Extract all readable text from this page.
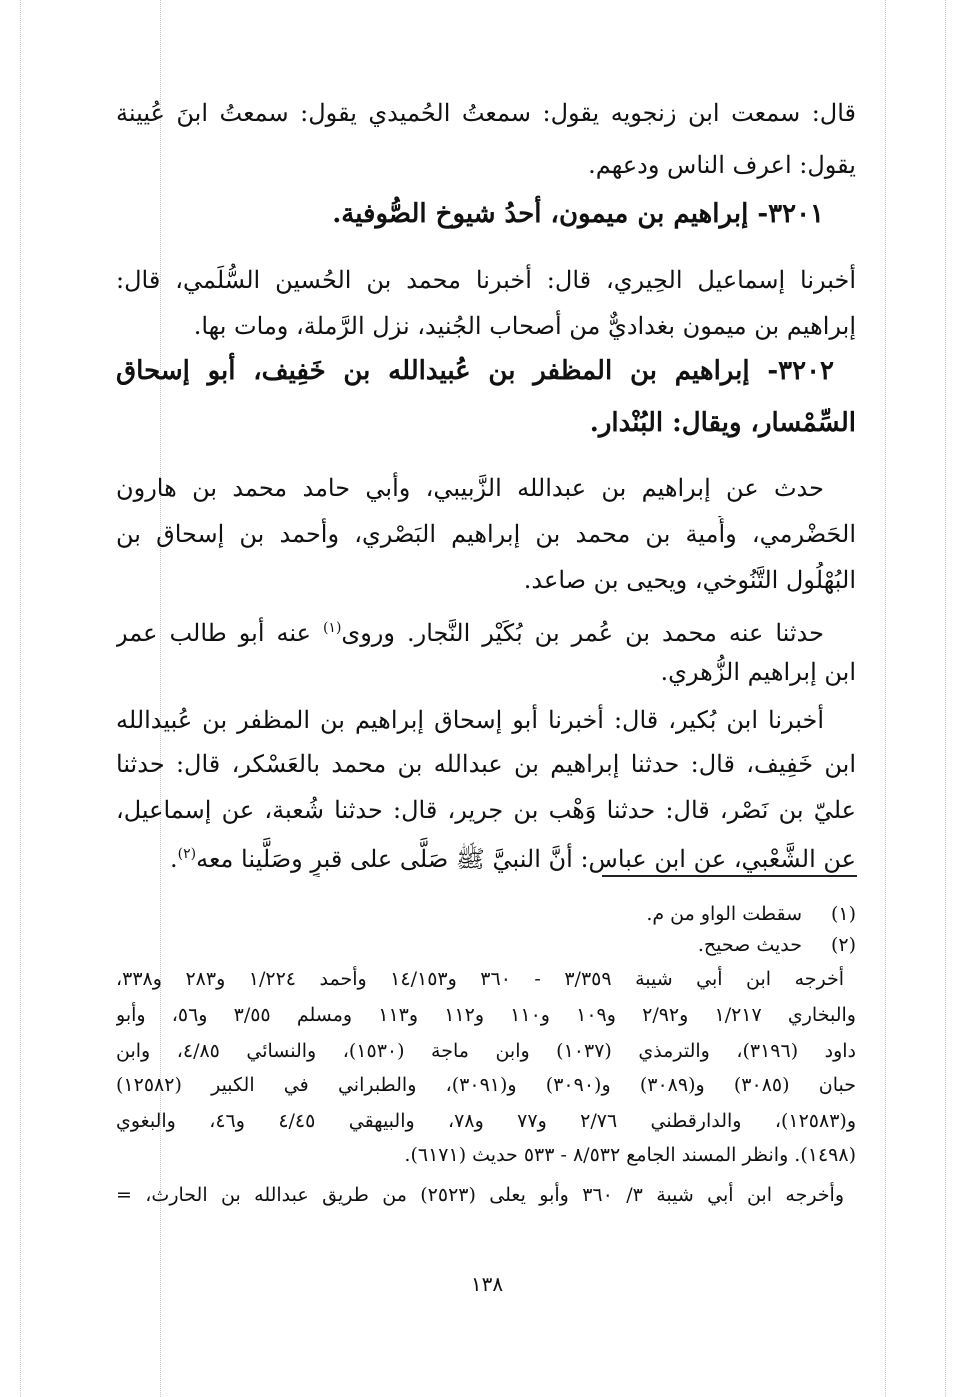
قال: سمعت ابن زنجويه يقول: سمعتُ الحُميدي يقول: سمعتُ ابنَ عُيينة
يقول: اعرف الناس ودعهم.
٣٢٠١- إبراهيم بن ميمون، أحدُ شيوخ الصُّوفية.
أخبرنا إسماعيل الحِيري، قال: أخبرنا محمد بن الحُسين السُّلَمي، قال:
إبراهيم بن ميمون بغداديٌّ من أصحاب الجُنيد، نزل الرَّملة، ومات بها.
٣٢٠٢- إبراهيم بن المظفر بن عُبيدالله بن خَفِيف، أبو إسحاق
السِّمْسار، ويقال: البُنْدار.
حدث عن إبراهيم بن عبدالله الزَّبيبي، وأبي حامد محمد بن هارون
الحَضْرمي، وأُمية بن محمد بن إبراهيم البَصْري، وأحمد بن إسحاق بن
البُهْلُول التَّنُوخي، ويحيى بن صاعد.
حدثنا عنه محمد بن عُمر بن بُكَيْر النَّجار. وروى$^{(١)}$ عنه أبو طالب عمر
ابن إبراهيم الزُّهري.
أخبرنا ابن بُكير، قال: أخبرنا أبو إسحاق إبراهيم بن المظفر بن عُبيدالله
ابن خَفِيف، قال: حدثنا إبراهيم بن عبدالله بن محمد بالعَسْكر، قال: حدثنا
عليّ بن نَصْر، قال: حدثنا وَهْب بن جرير، قال: حدثنا شُعبة، عن إسماعيل،
عن الشَّعْبي، عن ابن عباس: أنَّ النبيَّ ﷺ صَلَّى على قبرٍ وصَلَّينا معه$^{(٢)}$.
(١)
سقطت الواو من م.
(٢)
حديث صحيح.
أخرجه ابن أبي شيبة ٣/٣٥٩ - ٣٦٠ و١٤/١٥٣ وأحمد ١/٢٢٤ و٢٨٣ و٣٣٨،
والبخاري ١/٢١٧ و٢/٩٢ و١٠٩ و١١٠ و١١٢ و١١٣ ومسلم ٣/٥٥ و٥٦، وأبو
داود (٣١٩٦)، والترمذي (١٠٣٧) وابن ماجة (١٥٣٠)، والنسائي ٤/٨٥، وابن
حبان (٣٠٨٥) و(٣٠٨٩) و(٣٠٩٠) و(٣٠٩١)، والطبراني في الكبير (١٢٥٨٢)
و(١٢٥٨٣)، والدارقطني ٢/٧٦ و٧٧ و٧٨، والبيهقي ٤/٤٥ و٤٦، والبغوي
(١٤٩٨). وانظر المسند الجامع ٨/٥٣٢ - ٥٣٣ حديث (٦١٧١).
وأخرجه ابن أبي شيبة ٣/ ٣٦٠ وأبو يعلى (٢٥٢٣) من طريق عبدالله بن الحارث، =
١٣٨
